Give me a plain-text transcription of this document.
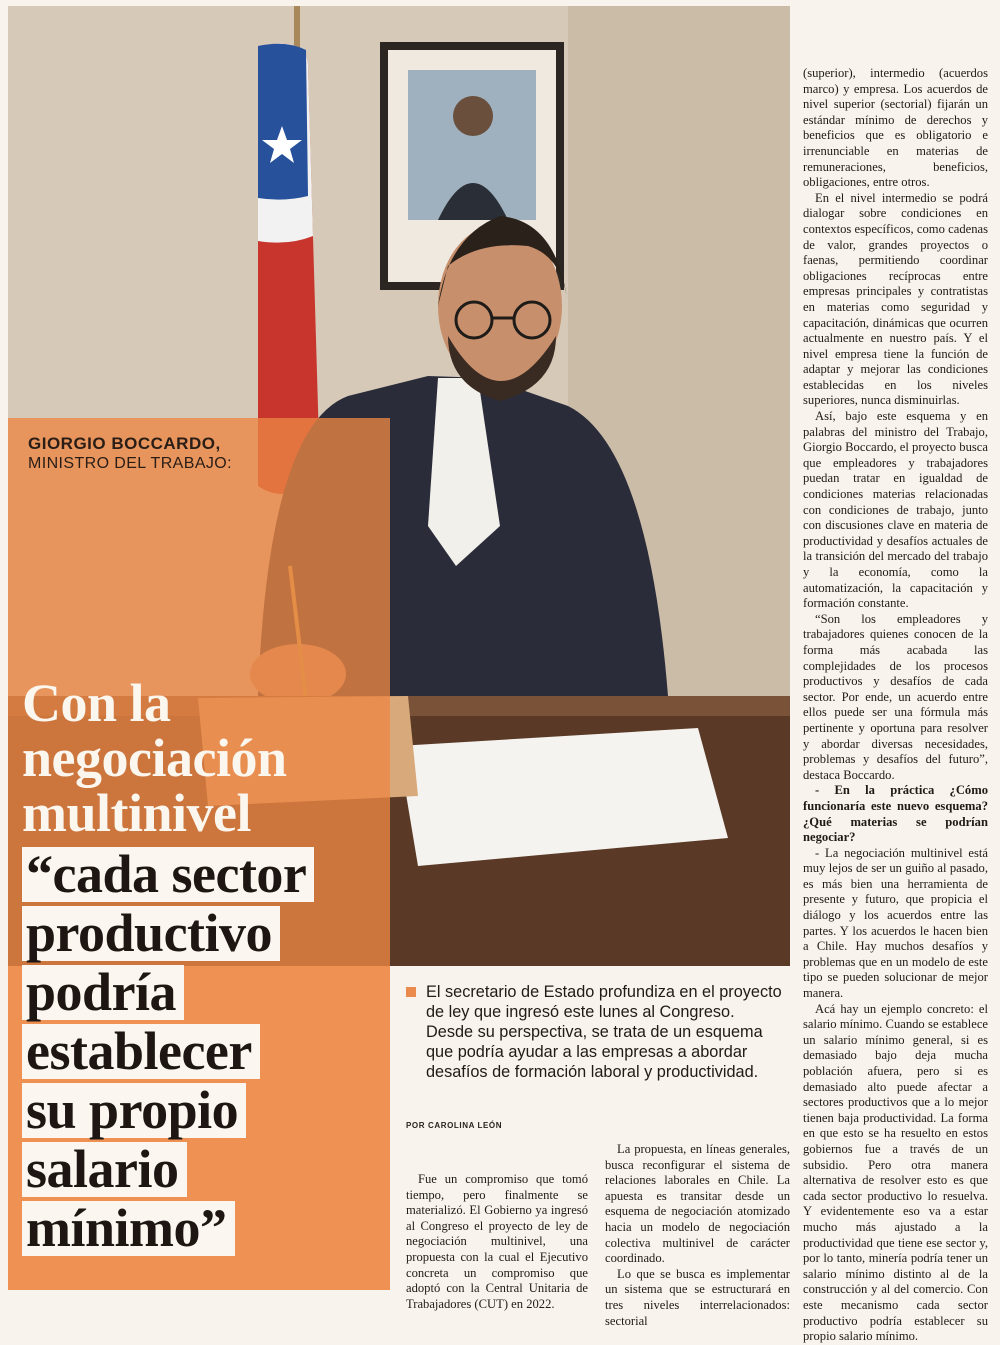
GIORGIO BOCCARDO,
MINISTRO DEL TRABAJO:
Con la
negociación
multinivel
“cada sector
productivo
podría
establecer
su propio
salario
mínimo”

El secretario de Estado profundiza en el proyecto de ley que ingresó este lunes al Congreso. Desde su perspectiva, se trata de un esquema que podría ayudar a las empresas a abordar desafíos de formación laboral y productividad.

POR CAROLINA LEÓN

Fue un compromiso que tomó tiempo, pero finalmente se materializó. El Gobierno ya ingresó al Congreso el proyecto de ley de negociación multinivel, una propuesta con la cual el Ejecutivo concreta un compromiso que adoptó con la Central Unitaria de Trabajadores (CUT) en 2022.

La propuesta, en líneas generales, busca reconfigurar el sistema de relaciones laborales en Chile. La apuesta es transitar desde un esquema de negociación atomizado hacia un modelo de negociación colectiva multinivel de carácter coordinado.

Lo que se busca es implementar un sistema que se estructurará en tres niveles interrelacionados: sectorial

(superior), intermedio (acuerdos marco) y empresa. Los acuerdos de nivel superior (sectorial) fijarán un estándar mínimo de derechos y beneficios que es obligatorio e irrenunciable en materias de remuneraciones, beneficios, obligaciones, entre otros.

En el nivel intermedio se podrá dialogar sobre condiciones en contextos específicos, como cadenas de valor, grandes proyectos o faenas, permitiendo coordinar obligaciones recíprocas entre empresas principales y contratistas en materias como seguridad y capacitación, dinámicas que ocurren actualmente en nuestro país. Y el nivel empresa tiene la función de adaptar y mejorar las condiciones establecidas en los niveles superiores, nunca disminuirlas.

Así, bajo este esquema y en palabras del ministro del Trabajo, Giorgio Boccardo, el proyecto busca que empleadores y trabajadores puedan tratar en igualdad de condiciones materias relacionadas con condiciones de trabajo, junto con discusiones clave en materia de productividad y desafíos actuales de la transición del mercado del trabajo y la economía, como la automatización, la capacitación y formación constante.

“Son los empleadores y trabajadores quienes conocen de la forma más acabada las complejidades de los procesos productivos y desafíos de cada sector. Por ende, un acuerdo entre ellos puede ser una fórmula más pertinente y oportuna para resolver y abordar diversas necesidades, problemas y desafíos del futuro”, destaca Boccardo.

- En la práctica ¿Cómo funcionaría este nuevo esquema? ¿Qué materias se podrían negociar?

- La negociación multinivel está muy lejos de ser un guiño al pasado, es más bien una herramienta de presente y futuro, que propicia el diálogo y los acuerdos entre las partes. Y los acuerdos le hacen bien a Chile. Hay muchos desafíos y problemas que en un modelo de este tipo se pueden solucionar de mejor manera.

Acá hay un ejemplo concreto: el salario mínimo. Cuando se establece un salario mínimo general, si es demasiado bajo deja mucha población afuera, pero si es demasiado alto puede afectar a sectores productivos que a lo mejor tienen baja productividad. La forma en que esto se ha resuelto en estos gobiernos fue a través de un subsidio. Pero otra manera alternativa de resolver esto es que cada sector productivo lo resuelva. Y evidentemente eso va a estar mucho más ajustado a la productividad que tiene ese sector y, por lo tanto, minería podría tener un salario mínimo distinto al de la construcción y al del comercio. Con este mecanismo cada sector productivo podría establecer su propio salario mínimo.
